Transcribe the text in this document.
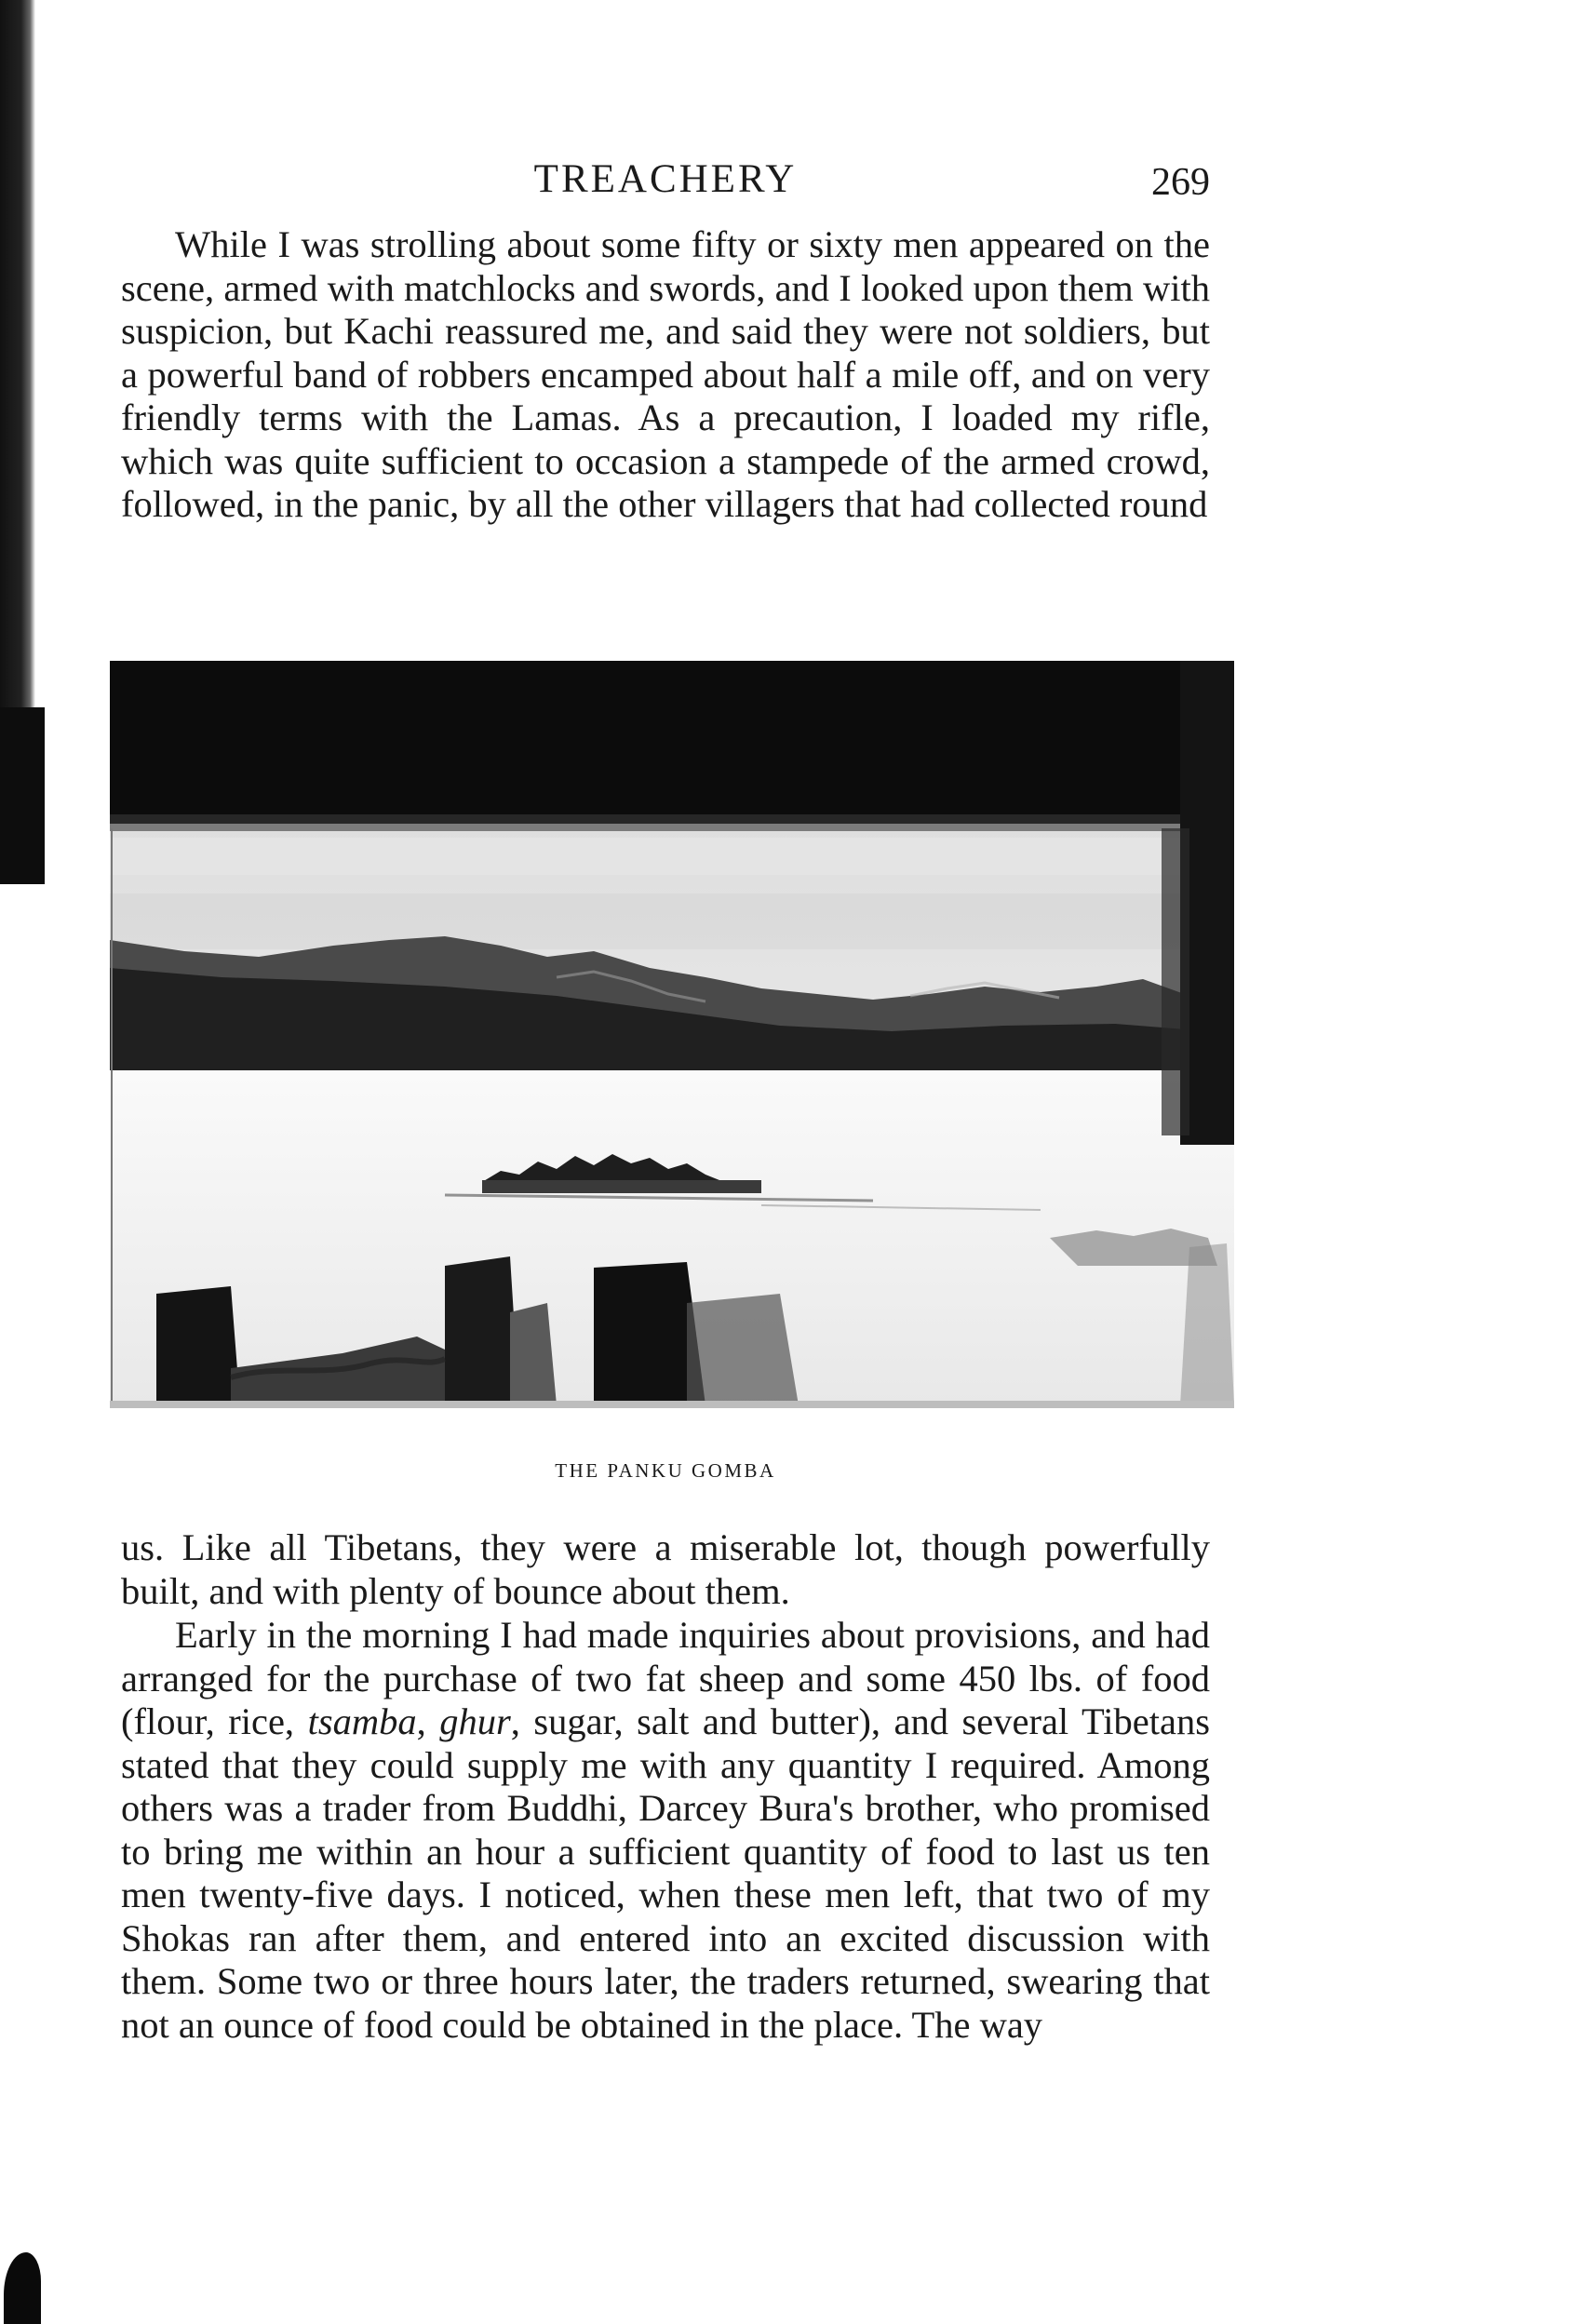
TREACHERY	269

While I was strolling about some fifty or sixty men appeared on the scene, armed with matchlocks and swords, and I looked upon them with suspicion, but Kachi reassured me, and said they were not soldiers, but a powerful band of robbers encamped about half a mile off, and on very friendly terms with the Lamas. As a precaution, I loaded my rifle, which was quite sufficient to occasion a stampede of the armed crowd, followed, in the panic, by all the other villagers that had collected round

THE PANKU GOMBA

us. Like all Tibetans, they were a miserable lot, though powerfully built, and with plenty of bounce about them.

Early in the morning I had made inquiries about provisions, and had arranged for the purchase of two fat sheep and some 450 lbs. of food (flour, rice, tsamba, ghur, sugar, salt and butter), and several Tibetans stated that they could supply me with any quantity I required. Among others was a trader from Buddhi, Darcey Bura's brother, who promised to bring me within an hour a sufficient quantity of food to last us ten men twenty-five days. I noticed, when these men left, that two of my Shokas ran after them, and entered into an excited discussion with them. Some two or three hours later, the traders returned, swearing that not an ounce of food could be obtained in the place. The way
